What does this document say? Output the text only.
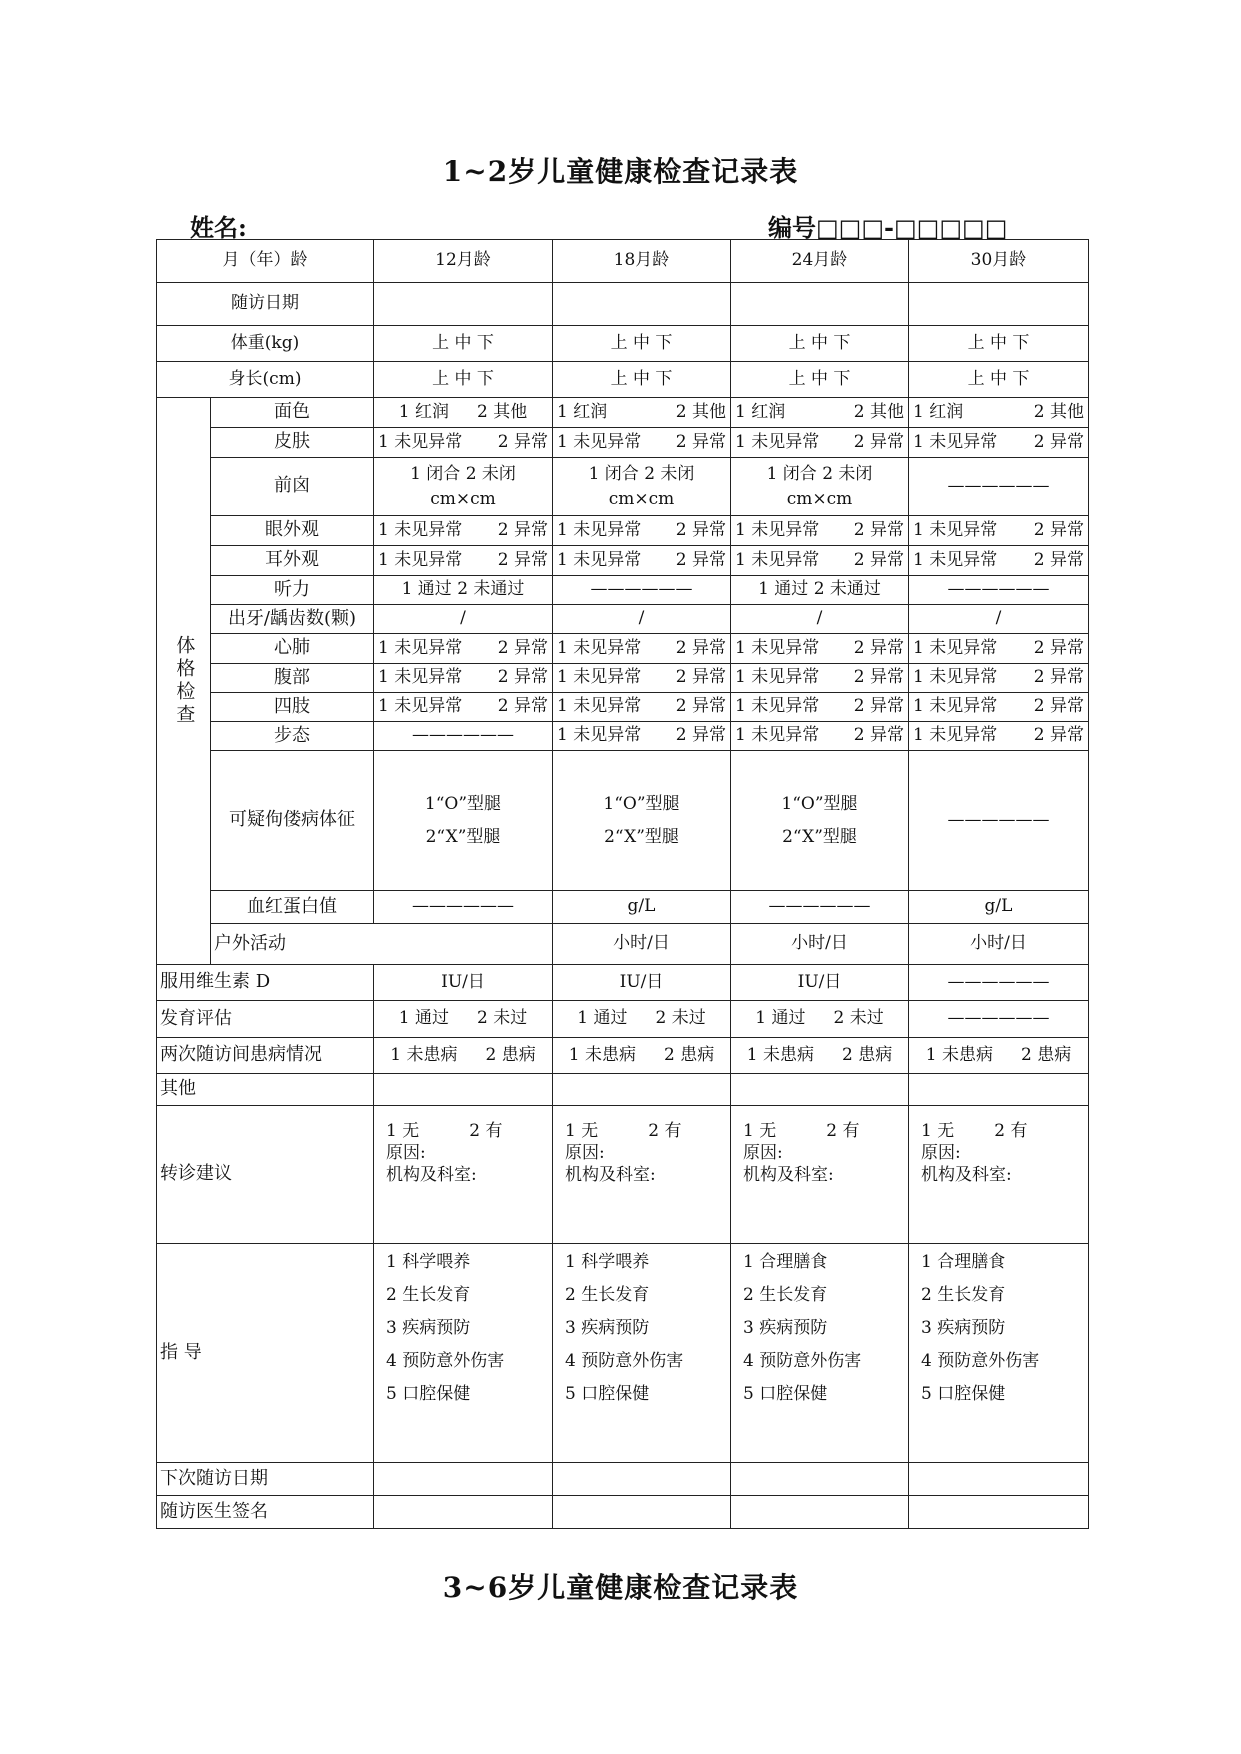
1~2岁儿童健康检查记录表
姓名:	编号□□□-□□□□□
月（年）龄		12月龄	18月龄	24月龄	30月龄	
随访日期						
体重(kg)		上 中 下	上 中 下	上 中 下	上 中 下	
身长(cm)		上 中 下	上 中 下	上 中 下	上 中 下	
体格检查	面色	1 红润 2 其他	1 红润 2 其他	1 红润 2 其他	1 红润 2 其他	

	皮肤	1 未见异常 2 异常	1 未见异常 2 异常	1 未见异常 2 异常	1 未见异常 2 异常	

	前囟	1 闭合 2 未闭
cm×cm	1 闭合 2 未闭
cm×cm	1 闭合 2 未闭
cm×cm	——————	
	眼外观	1 未见异常 2 异常	1 未见异常 2 异常	1 未见异常 2 异常	1 未见异常 2 异常	

	耳外观	1 未见异常 2 异常	1 未见异常 2 异常	1 未见异常 2 异常	1 未见异常 2 异常	

	听力	1 通过 2 未通过	——————	1 通过 2 未通过	——————	
	出牙/龋齿数(颗)	/	/	/	/	
	心肺	1 未见异常 2 异常	1 未见异常 2 异常	1 未见异常 2 异常	1 未见异常 2 异常	

	腹部	1 未见异常 2 异常	1 未见异常 2 异常	1 未见异常 2 异常	1 未见异常 2 异常	

	四肢	1 未见异常 2 异常	1 未见异常 2 异常	1 未见异常 2 异常	1 未见异常 2 异常	

	步态	——————	1 未见异常 2 异常	1 未见异常 2 异常	1 未见异常 2 异常	

	可疑佝偻病体征	1“O”型腿
2“X”型腿	1“O”型腿
2“X”型腿	1“O”型腿
2“X”型腿	——————	
	血红蛋白值	——————	g/L	——————	g/L	
	户外活动		小时/日	小时/日	小时/日	
服用维生素 D		IU/日	IU/日	IU/日	——————	
发育评估		1 通过 2 未过	1 通过 2 未过	1 通过 2 未过	——————	
两次随访间患病情况		1 未患病 2 患病	1 未患病 2 患病	1 未患病 2 患病	1 未患病 2 患病	

其他						
转诊建议		1 无 2 有
原因:
机构及科室:	1 无 2 有
原因:
机构及科室:	1 无 2 有
原因:
机构及科室:	1 无 2 有
原因:
机构及科室:	

指 导		1 科学喂养
2 生长发育
3 疾病预防
4 预防意外伤害
5 口腔保健	1 科学喂养
2 生长发育
3 疾病预防
4 预防意外伤害
5 口腔保健	1 合理膳食
2 生长发育
3 疾病预防
4 预防意外伤害
5 口腔保健	1 合理膳食
2 生长发育
3 疾病预防
4 预防意外伤害
5 口腔保健	

下次随访日期						
随访医生签名						
3~6岁儿童健康检查记录表
